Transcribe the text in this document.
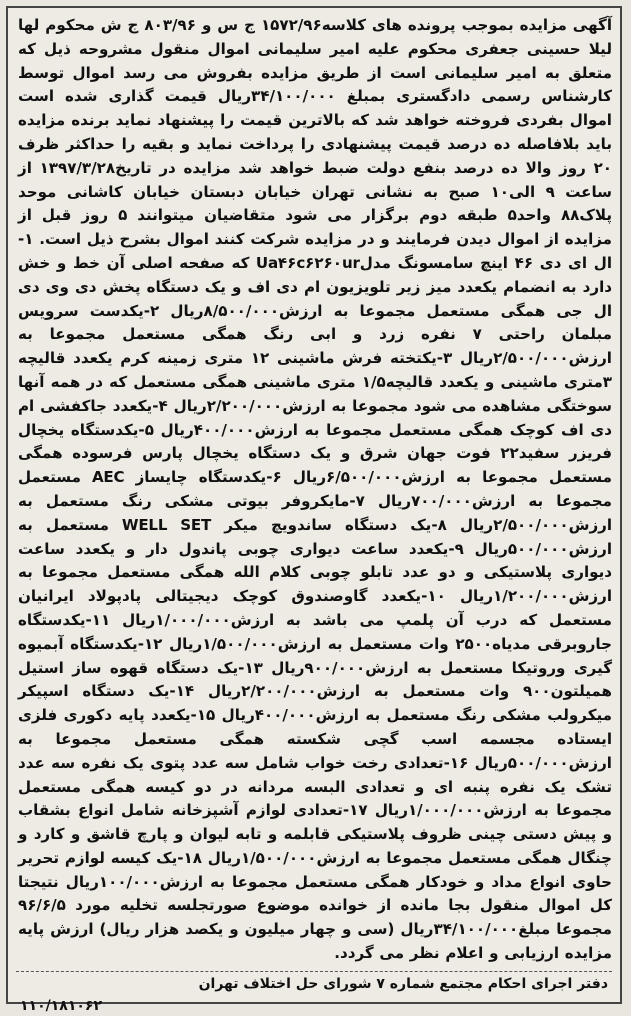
آگهی مزایده بموجب پرونده های کلاسه۱۵۷۲/۹۶ ج س و ۸۰۳/۹۶ ج ش محکوم لها لیلا حسینی جعفری محکوم علیه امیر سلیمانی اموال منقول مشروحه ذیل که متعلق به امیر سلیمانی است از طریق مزایده بفروش می رسد اموال توسط کارشناس رسمی دادگستری بمبلغ ۳۴/۱۰۰/۰۰۰ریال قیمت گذاری شده است اموال بفردی فروخته خواهد شد که بالاترین قیمت را پیشنهاد نماید برنده مزایده باید بلافاصله ده درصد قیمت پیشنهادی را پرداخت نماید و بقیه را حداکثر ظرف ۲۰ روز والا ده درصد بنفع دولت ضبط خواهد شد مزایده در تاریخ۱۳۹۷/۳/۲۸ از ساعت ۹ الی۱۰ صبح به نشانی تهران خیابان دبستان خیابان کاشانی موحد پلاک۸۸ واحد۵ طبقه دوم برگزار می شود متقاضیان میتوانند ۵ روز قبل از مزایده از اموال دیدن فرمایند و در مزایده شرکت کنند اموال بشرح ذیل است. ۱-ال ای دی ۴۶ اینچ سامسونگ مدلUa۴۶c۶۲۶۰ur که صفحه اصلی آن خط و خش دارد به انضمام یکعدد میز زیر تلویزیون ام دی اف و یک دستگاه پخش دی وی دی ال جی همگی مستعمل مجموعا به ارزش۸/۵۰۰/۰۰۰ریال ۲-یکدست سرویس مبلمان راحتی ۷ نفره زرد و ابی رنگ همگی مستعمل مجموعا به ارزش۲/۵۰۰/۰۰۰ریال ۳-یکتخته فرش ماشینی ۱۲ متری زمینه کرم یکعدد قالیچه ۳متری ماشینی و یکعدد قالیچه۱/۵ متری ماشینی همگی مستعمل که در همه آنها سوختگی مشاهده می شود مجموعا به ارزش۲/۲۰۰/۰۰۰ریال ۴-یکعدد جاکفشی ام دی اف کوچک همگی مستعمل مجموعا به ارزش۴۰۰/۰۰۰ریال ۵-یکدستگاه یخچال فریزر سفید۲۲ فوت جهان شرق و یک دستگاه یخچال پارس فرسوده همگی مستعمل مجموعا به ارزش۶/۵۰۰/۰۰۰ریال ۶-یکدستگاه چایساز AEC مستعمل مجموعا به ارزش۷۰۰/۰۰۰ریال ۷-مایکروفر بیوتی مشکی رنگ مستعمل به ارزش۲/۵۰۰/۰۰۰ریال ۸-یک دستگاه ساندویچ میکر WELL SET مستعمل به ارزش۵۰۰/۰۰۰ریال ۹-یکعدد ساعت دیواری چوبی پاندول دار و یکعدد ساعت دیواری پلاستیکی و دو عدد تابلو چوبی کلام الله همگی مستعمل مجموعا به ارزش۱/۲۰۰/۰۰۰ریال ۱۰-یکعدد گاوصندوق کوچک دیجیتالی پادپولاد ایرانیان مستعمل که درب آن پلمپ می باشد به ارزش۱/۰۰۰/۰۰۰ریال ۱۱-یکدستگاه جاروبرقی مدیاه۲۵۰۰ وات مستعمل به ارزش۱/۵۰۰/۰۰۰ریال ۱۲-یکدستگاه آبمیوه گیری وروتیکا مستعمل به ارزش۹۰۰/۰۰۰ریال ۱۳-یک دستگاه قهوه ساز استیل همیلتون۹۰۰ وات مستعمل به ارزش۲/۲۰۰/۰۰۰ریال ۱۴-یک دستگاه اسپیکر میکرولب مشکی رنگ مستعمل به ارزش۴۰۰/۰۰۰ریال ۱۵-یکعدد پایه دکوری فلزی ایستاده مجسمه اسب گچی شکسته همگی مستعمل مجموعا به ارزش۵۰۰/۰۰۰ریال ۱۶-تعدادی رخت خواب شامل سه عدد پتوی یک نفره سه عدد تشک یک نفره پنبه ای و تعدادی البسه مردانه در دو کیسه همگی مستعمل مجموعا به ارزش۱/۰۰۰/۰۰۰ریال ۱۷-تعدادی لوازم آشپزخانه شامل انواع بشقاب و پیش دستی چینی ظروف پلاستیکی قابلمه و تابه لیوان و پارچ قاشق و کارد و چنگال همگی مستعمل مجموعا به ارزش۱/۵۰۰/۰۰۰ریال ۱۸-یک کیسه لوازم تحریر حاوی انواع مداد و خودکار همگی مستعمل مجموعا به ارزش۱۰۰/۰۰۰ریال نتیجتا کل اموال منقول بجا مانده از خوانده موضوع صورتجلسه تخلیه مورد ۹۶/۶/۵ مجموعا مبلغ۳۴/۱۰۰/۰۰۰ریال (سی و چهار میلیون و یکصد هزار ریال) ارزش پایه مزایده ارزیابی و اعلام نظر می گردد.

دفتر اجرای احکام مجتمع شماره ۷ شورای حل اختلاف تهران
۱۱۰/۱۸۱۰۶۲
